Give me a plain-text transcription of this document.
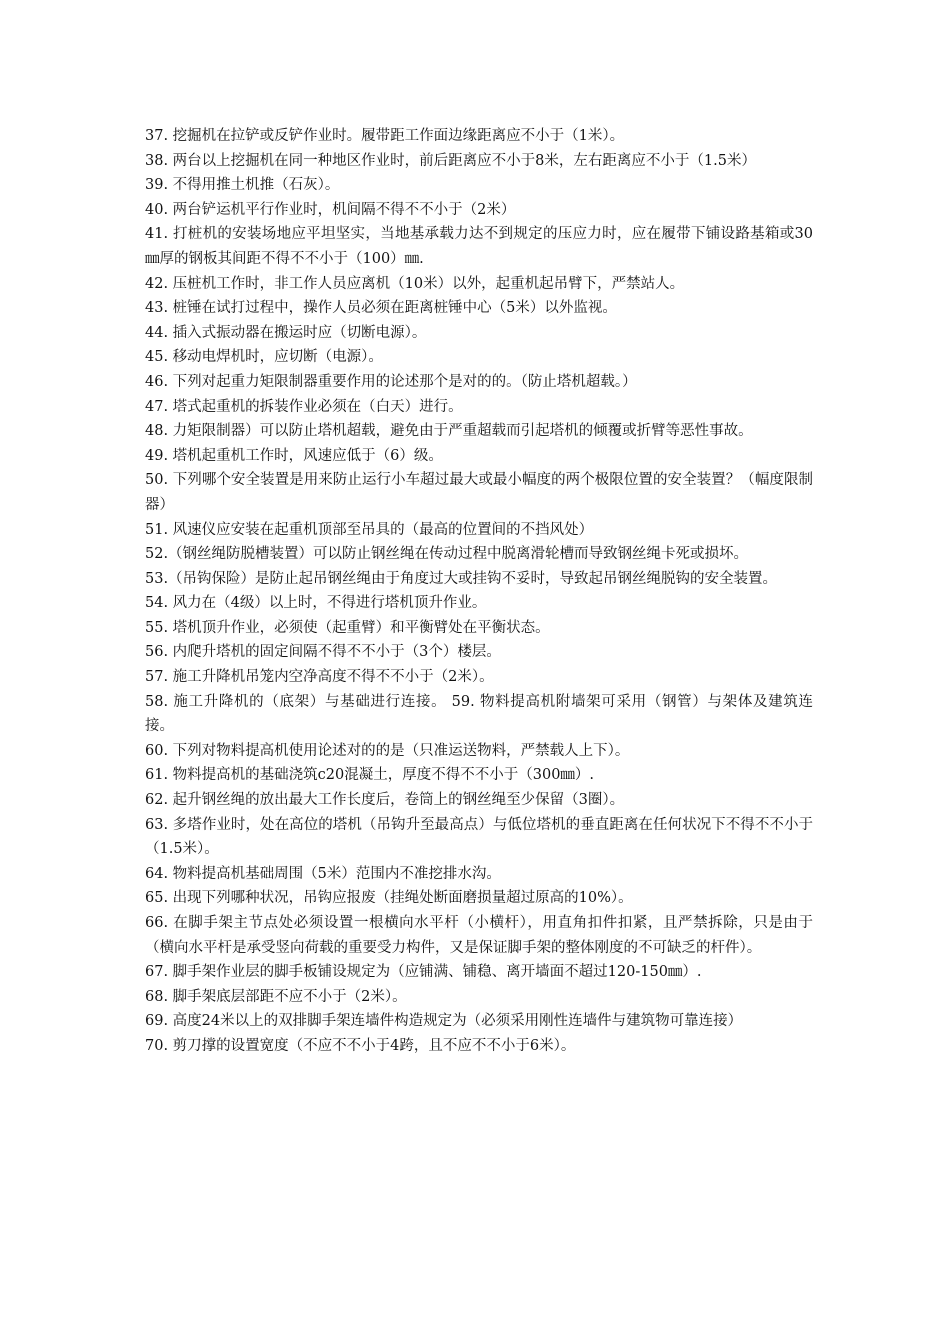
37. 挖掘机在拉铲或反铲作业时。履带距工作面边缘距离应不小于（1米）。

38. 两台以上挖掘机在同一种地区作业时，前后距离应不小于8米，左右距离应不小于（1.5米）

39. 不得用推土机推（石灰）。

40. 两台铲运机平行作业时，机间隔不得不不小于（2米）

41. 打桩机的安装场地应平坦坚实，当地基承载力达不到规定的压应力时，应在履带下铺设路基箱或30㎜厚的钢板其间距不得不不小于（100）㎜.

42. 压桩机工作时，非工作人员应离机（10米）以外，起重机起吊臂下，严禁站人。

43. 桩锤在试打过程中，操作人员必须在距离桩锤中心（5米）以外监视。

44. 插入式振动器在搬运时应（切断电源）。

45. 移动电焊机时，应切断（电源）。

46. 下列对起重力矩限制器重要作用的论述那个是对的的。（防止塔机超载。）

47. 塔式起重机的拆装作业必须在（白天）进行。

48. 力矩限制器）可以防止塔机超载，避免由于严重超载而引起塔机的倾覆或折臂等恶性事故。

49. 塔机起重机工作时，风速应低于（6）级。

50. 下列哪个安全装置是用来防止运行小车超过最大或最小幅度的两个极限位置的安全装置？（幅度限制器）

51. 风速仪应安装在起重机顶部至吊具的（最高的位置间的不挡风处）

52.（钢丝绳防脱槽装置）可以防止钢丝绳在传动过程中脱离滑轮槽而导致钢丝绳卡死或损坏。

53.（吊钩保险）是防止起吊钢丝绳由于角度过大或挂钩不妥时，导致起吊钢丝绳脱钩的安全装置。

54. 风力在（4级）以上时，不得进行塔机顶升作业。

55. 塔机顶升作业，必须使（起重臂）和平衡臂处在平衡状态。

56. 内爬升塔机的固定间隔不得不不小于（3个）楼层。

57. 施工升降机吊笼内空净高度不得不不小于（2米）。

58. 施工升降机的（底架）与基础进行连接。 59. 物料提高机附墙架可采用（钢管）与架体及建筑连接。

60. 下列对物料提高机使用论述对的的是（只准运送物料，严禁载人上下）。

61. 物料提高机的基础浇筑c20混凝土，厚度不得不不小于（300㎜）.

62. 起升钢丝绳的放出最大工作长度后，卷筒上的钢丝绳至少保留（3圈）。

63. 多塔作业时，处在高位的塔机（吊钩升至最高点）与低位塔机的垂直距离在任何状况下不得不不小于（1.5米）。

64. 物料提高机基础周围（5米）范围内不准挖排水沟。

65. 出现下列哪种状况，吊钩应报废（挂绳处断面磨损量超过原高的10%）。

66. 在脚手架主节点处必须设置一根横向水平杆（小横杆），用直角扣件扣紧，且严禁拆除，只是由于（横向水平杆是承受竖向荷载的重要受力构件，又是保证脚手架的整体刚度的不可缺乏的杆件）。

67. 脚手架作业层的脚手板铺设规定为（应铺满、铺稳、离开墙面不超过120-150㎜）.

68. 脚手架底层部距不应不小于（2米）。

69. 高度24米以上的双排脚手架连墙件构造规定为（必须采用刚性连墙件与建筑物可靠连接）

70. 剪刀撑的设置宽度（不应不不小于4跨，且不应不不小于6米）。
